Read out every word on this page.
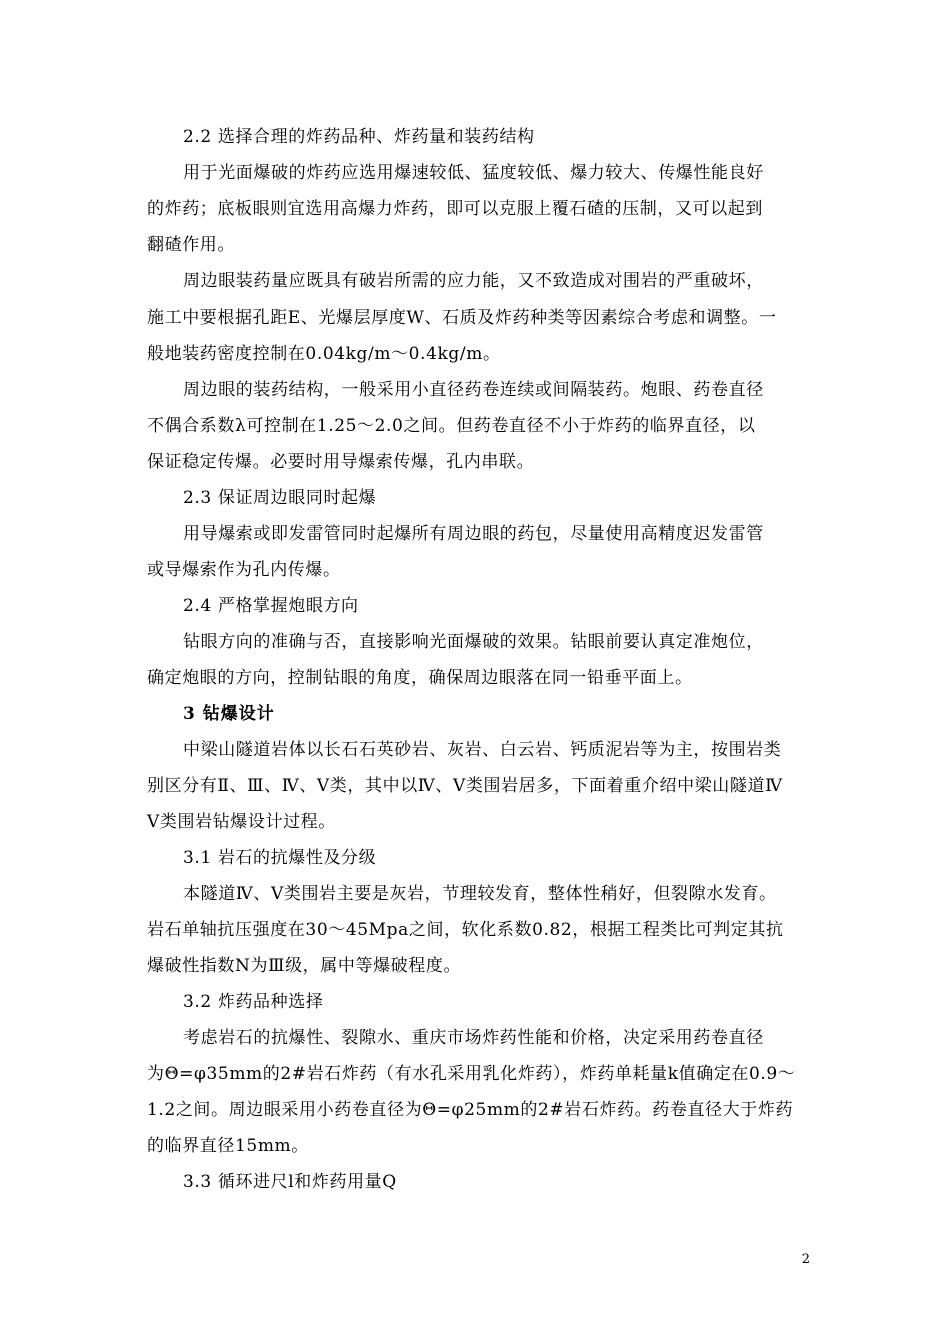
2.2 选择合理的炸药品种、炸药量和装药结构
用于光面爆破的炸药应选用爆速较低、猛度较低、爆力较大、传爆性能良好
的炸药；底板眼则宜选用高爆力炸药，即可以克服上覆石碴的压制，又可以起到
翻碴作用。
周边眼装药量应既具有破岩所需的应力能，又不致造成对围岩的严重破坏，
施工中要根据孔距E、光爆层厚度W、石质及炸药种类等因素综合考虑和调整。一
般地装药密度控制在0.04kg/m～0.4kg/m。
周边眼的装药结构，一般采用小直径药卷连续或间隔装药。炮眼、药卷直径
不偶合系数λ可控制在1.25～2.0之间。但药卷直径不小于炸药的临界直径，以
保证稳定传爆。必要时用导爆索传爆，孔内串联。
2.3 保证周边眼同时起爆
用导爆索或即发雷管同时起爆所有周边眼的药包，尽量使用高精度迟发雷管
或导爆索作为孔内传爆。
2.4 严格掌握炮眼方向
钻眼方向的准确与否，直接影响光面爆破的效果。钻眼前要认真定准炮位，
确定炮眼的方向，控制钻眼的角度，确保周边眼落在同一铅垂平面上。
3 钻爆设计
中梁山隧道岩体以长石石英砂岩、灰岩、白云岩、钙质泥岩等为主，按围岩类
别区分有Ⅱ、Ⅲ、Ⅳ、Ⅴ类，其中以Ⅳ、Ⅴ类围岩居多，下面着重介绍中梁山隧道Ⅳ
Ⅴ类围岩钻爆设计过程。
3.1 岩石的抗爆性及分级
本隧道Ⅳ、Ⅴ类围岩主要是灰岩，节理较发育，整体性稍好，但裂隙水发育。
岩石单轴抗压强度在30～45Mpa之间，软化系数0.82，根据工程类比可判定其抗
爆破性指数N为Ⅲ级，属中等爆破程度。
3.2 炸药品种选择
考虑岩石的抗爆性、裂隙水、重庆市场炸药性能和价格，决定采用药卷直径
为Θ=φ35mm的2#岩石炸药（有水孔采用乳化炸药），炸药单耗量k值确定在0.9～
1.2之间。周边眼采用小药卷直径为Θ=φ25mm的2#岩石炸药。药卷直径大于炸药
的临界直径15mm。
3.3 循环进尺l和炸药用量Q
2
